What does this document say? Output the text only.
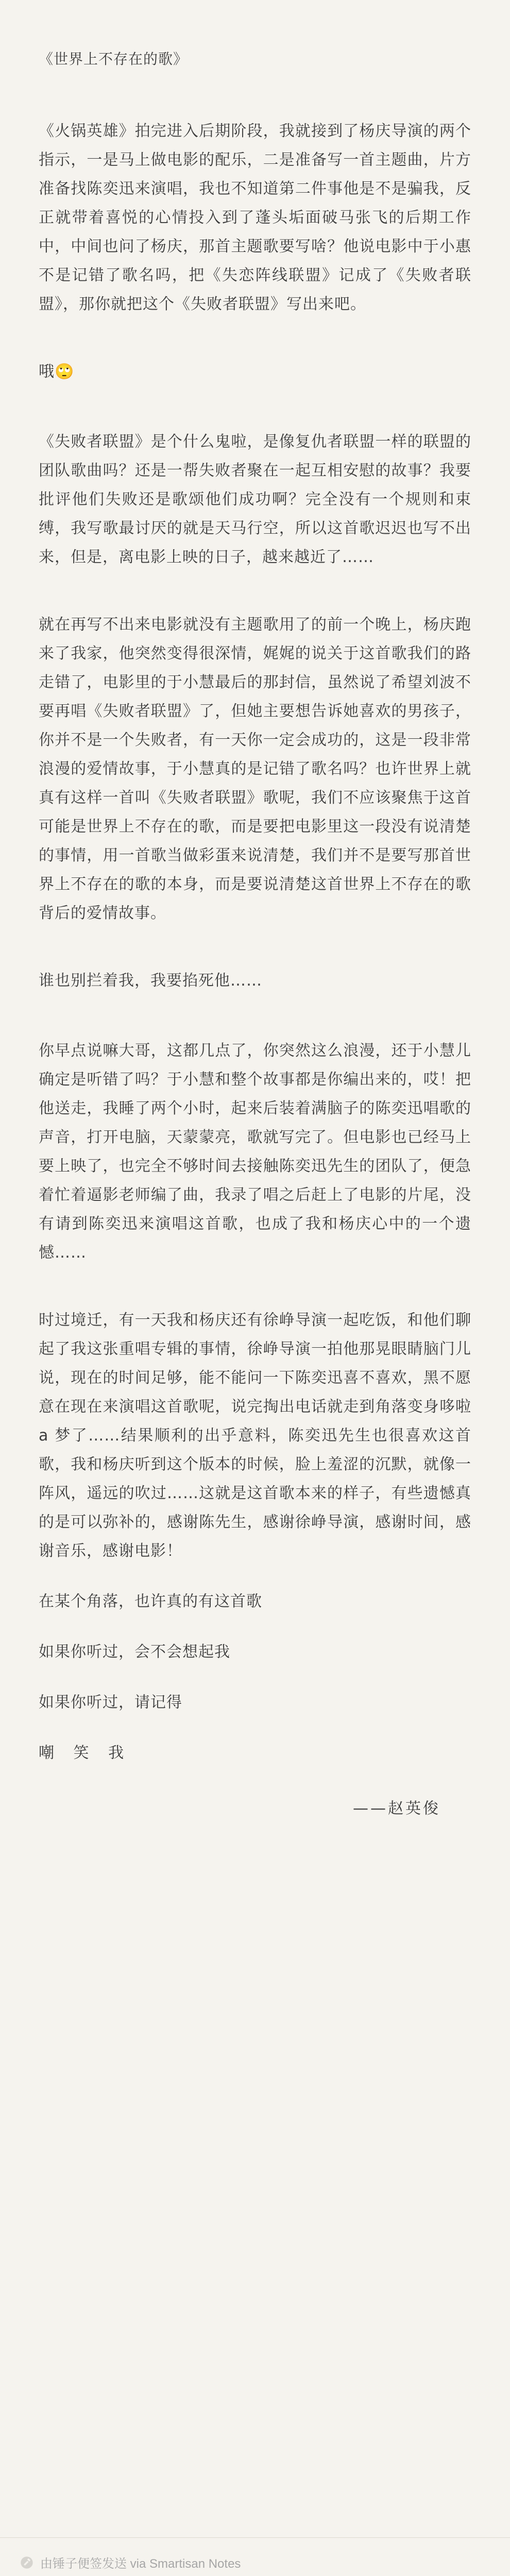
《世界上不存在的歌》

《火锅英雄》拍完进入后期阶段，我就接到了杨庆导演的两个指示，一是马上做电影的配乐，二是准备写一首主题曲，片方准备找陈奕迅来演唱，我也不知道第二件事他是不是骗我，反正就带着喜悦的心情投入到了蓬头垢面破马张飞的后期工作中，中间也问了杨庆，那首主题歌要写啥？他说电影中于小惠不是记错了歌名吗，把《失恋阵线联盟》记成了《失败者联盟》，那你就把这个《失败者联盟》写出来吧。

哦🙄

《失败者联盟》是个什么鬼啦，是像复仇者联盟一样的联盟的团队歌曲吗？还是一帮失败者聚在一起互相安慰的故事？我要批评他们失败还是歌颂他们成功啊？完全没有一个规则和束缚，我写歌最讨厌的就是天马行空，所以这首歌迟迟也写不出来，但是，离电影上映的日子，越来越近了……

就在再写不出来电影就没有主题歌用了的前一个晚上，杨庆跑来了我家，他突然变得很深情，娓娓的说关于这首歌我们的路走错了，电影里的于小慧最后的那封信，虽然说了希望刘波不要再唱《失败者联盟》了，但她主要想告诉她喜欢的男孩子，你并不是一个失败者，有一天你一定会成功的，这是一段非常浪漫的爱情故事，于小慧真的是记错了歌名吗？也许世界上就真有这样一首叫《失败者联盟》歌呢，我们不应该聚焦于这首可能是世界上不存在的歌，而是要把电影里这一段没有说清楚的事情，用一首歌当做彩蛋来说清楚，我们并不是要写那首世界上不存在的歌的本身，而是要说清楚这首世界上不存在的歌背后的爱情故事。

谁也别拦着我，我要掐死他……

你早点说嘛大哥，这都几点了，你突然这么浪漫，还于小慧儿确定是听错了吗？于小慧和整个故事都是你编出来的，哎！把他送走，我睡了两个小时，起来后装着满脑子的陈奕迅唱歌的声音，打开电脑，天蒙蒙亮，歌就写完了。但电影也已经马上要上映了，也完全不够时间去接触陈奕迅先生的团队了，便急着忙着逼影老师编了曲，我录了唱之后赶上了电影的片尾，没有请到陈奕迅来演唱这首歌，也成了我和杨庆心中的一个遗憾……

时过境迁，有一天我和杨庆还有徐峥导演一起吃饭，和他们聊起了我这张重唱专辑的事情，徐峥导演一拍他那晃眼睛脑门儿说，现在的时间足够，能不能问一下陈奕迅喜不喜欢，黑不愿意在现在来演唱这首歌呢，说完掏出电话就走到角落变身哆啦 a 梦了……结果顺利的出乎意料，陈奕迅先生也很喜欢这首歌，我和杨庆听到这个版本的时候，脸上羞涩的沉默，就像一阵风，遥远的吹过……这就是这首歌本来的样子，有些遗憾真的是可以弥补的，感谢陈先生，感谢徐峥导演，感谢时间，感谢音乐，感谢电影！

在某个角落，也许真的有这首歌

如果你听过，会不会想起我

如果你听过，请记得

嘲 笑 我

——赵英俊

由锤子便签发送 via Smartisan Notes
